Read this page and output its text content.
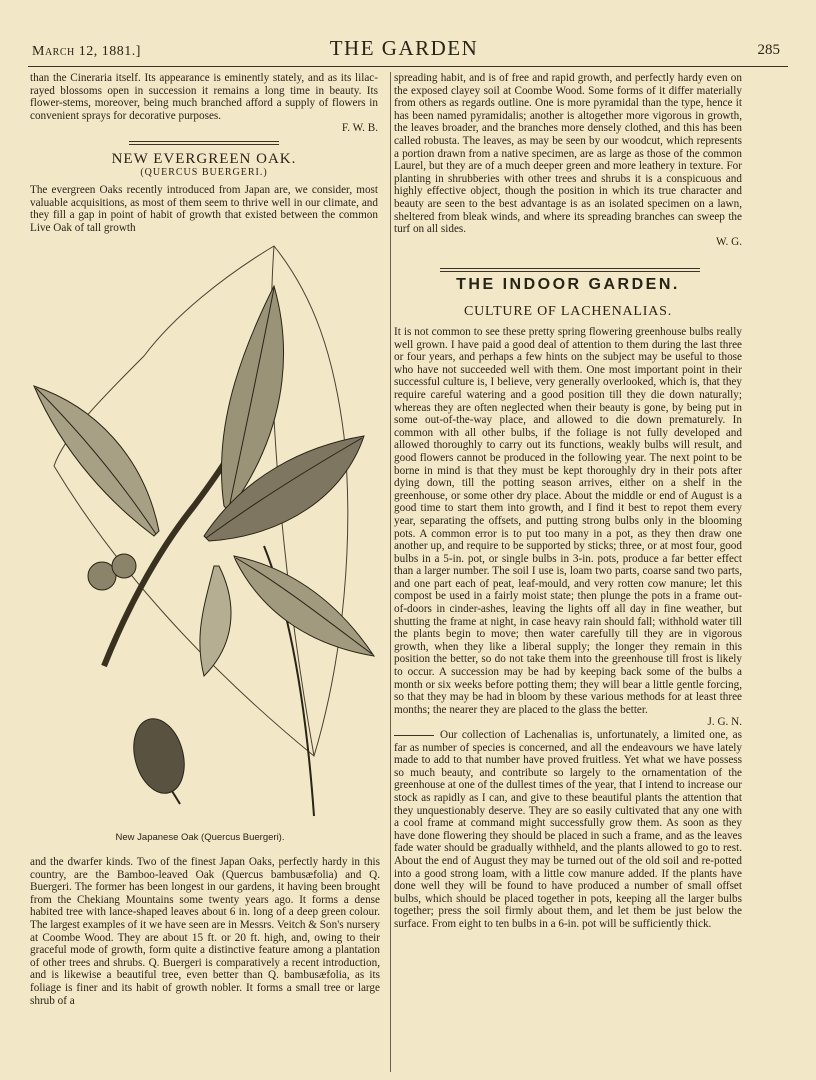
March 12, 1881.]	THE GARDEN	285

than the Cineraria itself. Its appearance is eminently stately, and as its lilac-rayed blossoms open in succession it remains a long time in beauty. Its flower-stems, moreover, being much branched afford a supply of flowers in convenient sprays for decorative purposes.

F. W. B.

NEW EVERGREEN OAK.
(QUERCUS BUERGERI.)

The evergreen Oaks recently introduced from Japan are, we consider, most valuable acquisitions, as most of them seem to thrive well in our climate, and they fill a gap in point of habit of growth that existed between the common Live Oak of tall growth

New Japanese Oak (Quercus Buergeri).

and the dwarfer kinds. Two of the finest Japan Oaks, perfectly hardy in this country, are the Bamboo-leaved Oak (Quercus bambusæfolia) and Q. Buergeri. The former has been longest in our gardens, it having been brought from the Chekiang Mountains some twenty years ago. It forms a dense habited tree with lance-shaped leaves about 6 in. long of a deep green colour. The largest examples of it we have seen are in Messrs. Veitch & Son's nursery at Coombe Wood. They are about 15 ft. or 20 ft. high, and, owing to their graceful mode of growth, form quite a distinctive feature among a plantation of other trees and shrubs. Q. Buergeri is comparatively a recent introduction, and is likewise a beautiful tree, even better than Q. bambusæfolia, as its foliage is finer and its habit of growth nobler. It forms a small tree or large shrub of a

spreading habit, and is of free and rapid growth, and perfectly hardy even on the exposed clayey soil at Coombe Wood. Some forms of it differ materially from others as regards outline. One is more pyramidal than the type, hence it has been named pyramidalis; another is altogether more vigorous in growth, the leaves broader, and the branches more densely clothed, and this has been called robusta. The leaves, as may be seen by our woodcut, which represents a portion drawn from a native specimen, are as large as those of the common Laurel, but they are of a much deeper green and more leathery in texture. For planting in shrubberies with other trees and shrubs it is a conspicuous and highly effective object, though the position in which its true character and beauty are seen to the best advantage is as an isolated specimen on a lawn, sheltered from bleak winds, and where its spreading branches can sweep the turf on all sides.

W. G.

THE INDOOR GARDEN.
CULTURE OF LACHENALIAS.

It is not common to see these pretty spring flowering greenhouse bulbs really well grown. I have paid a good deal of attention to them during the last three or four years, and perhaps a few hints on the subject may be useful to those who have not succeeded well with them. One most important point in their successful culture is, I believe, very generally overlooked, which is, that they require careful watering and a good position till they die down naturally; whereas they are often neglected when their beauty is gone, by being put in some out-of-the-way place, and allowed to die down prematurely. In common with all other bulbs, if the foliage is not fully developed and allowed thoroughly to carry out its functions, weakly bulbs will result, and good flowers cannot be produced in the following year. The next point to be borne in mind is that they must be kept thoroughly dry in their pots after dying down, till the potting season arrives, either on a shelf in the greenhouse, or some other dry place. About the middle or end of August is a good time to start them into growth, and I find it best to repot them every year, separating the offsets, and putting strong bulbs only in the blooming pots. A common error is to put too many in a pot, as they then draw one another up, and require to be supported by sticks; three, or at most four, good bulbs in a 5-in. pot, or single bulbs in 3-in. pots, produce a far better effect than a larger number. The soil I use is, loam two parts, coarse sand two parts, and one part each of peat, leaf-mould, and very rotten cow manure; let this compost be used in a fairly moist state; then plunge the pots in a frame out-of-doors in cinder-ashes, leaving the lights off all day in fine weather, but shutting the frame at night, in case heavy rain should fall; withhold water till the plants begin to move; then water carefully till they are in vigorous growth, when they like a liberal supply; the longer they remain in this position the better, so do not take them into the greenhouse till frost is likely to occur. A succession may be had by keeping back some of the bulbs a month or six weeks before potting them; they will bear a little gentle forcing, so that they may be had in bloom by these various methods for at least three months; the nearer they are placed to the glass the better.

J. G. N.

Our collection of Lachenalias is, unfortunately, a limited one, as far as number of species is concerned, and all the endeavours we have lately made to add to that number have proved fruitless. Yet what we have possess so much beauty, and contribute so largely to the ornamentation of the greenhouse at one of the dullest times of the year, that I intend to increase our stock as rapidly as I can, and give to these beautiful plants the attention that they unquestionably deserve. They are so easily cultivated that any one with a cool frame at command might successfully grow them. As soon as they have done flowering they should be placed in such a frame, and as the leaves fade water should be gradually withheld, and the plants allowed to go to rest. About the end of August they may be turned out of the old soil and re-potted into a good strong loam, with a little cow manure added. If the plants have done well they will be found to have produced a number of small offset bulbs, which should be placed together in pots, keeping all the larger bulbs together; press the soil firmly about them, and let them be just below the surface. From eight to ten bulbs in a 6-in. pot will be sufficiently thick.
